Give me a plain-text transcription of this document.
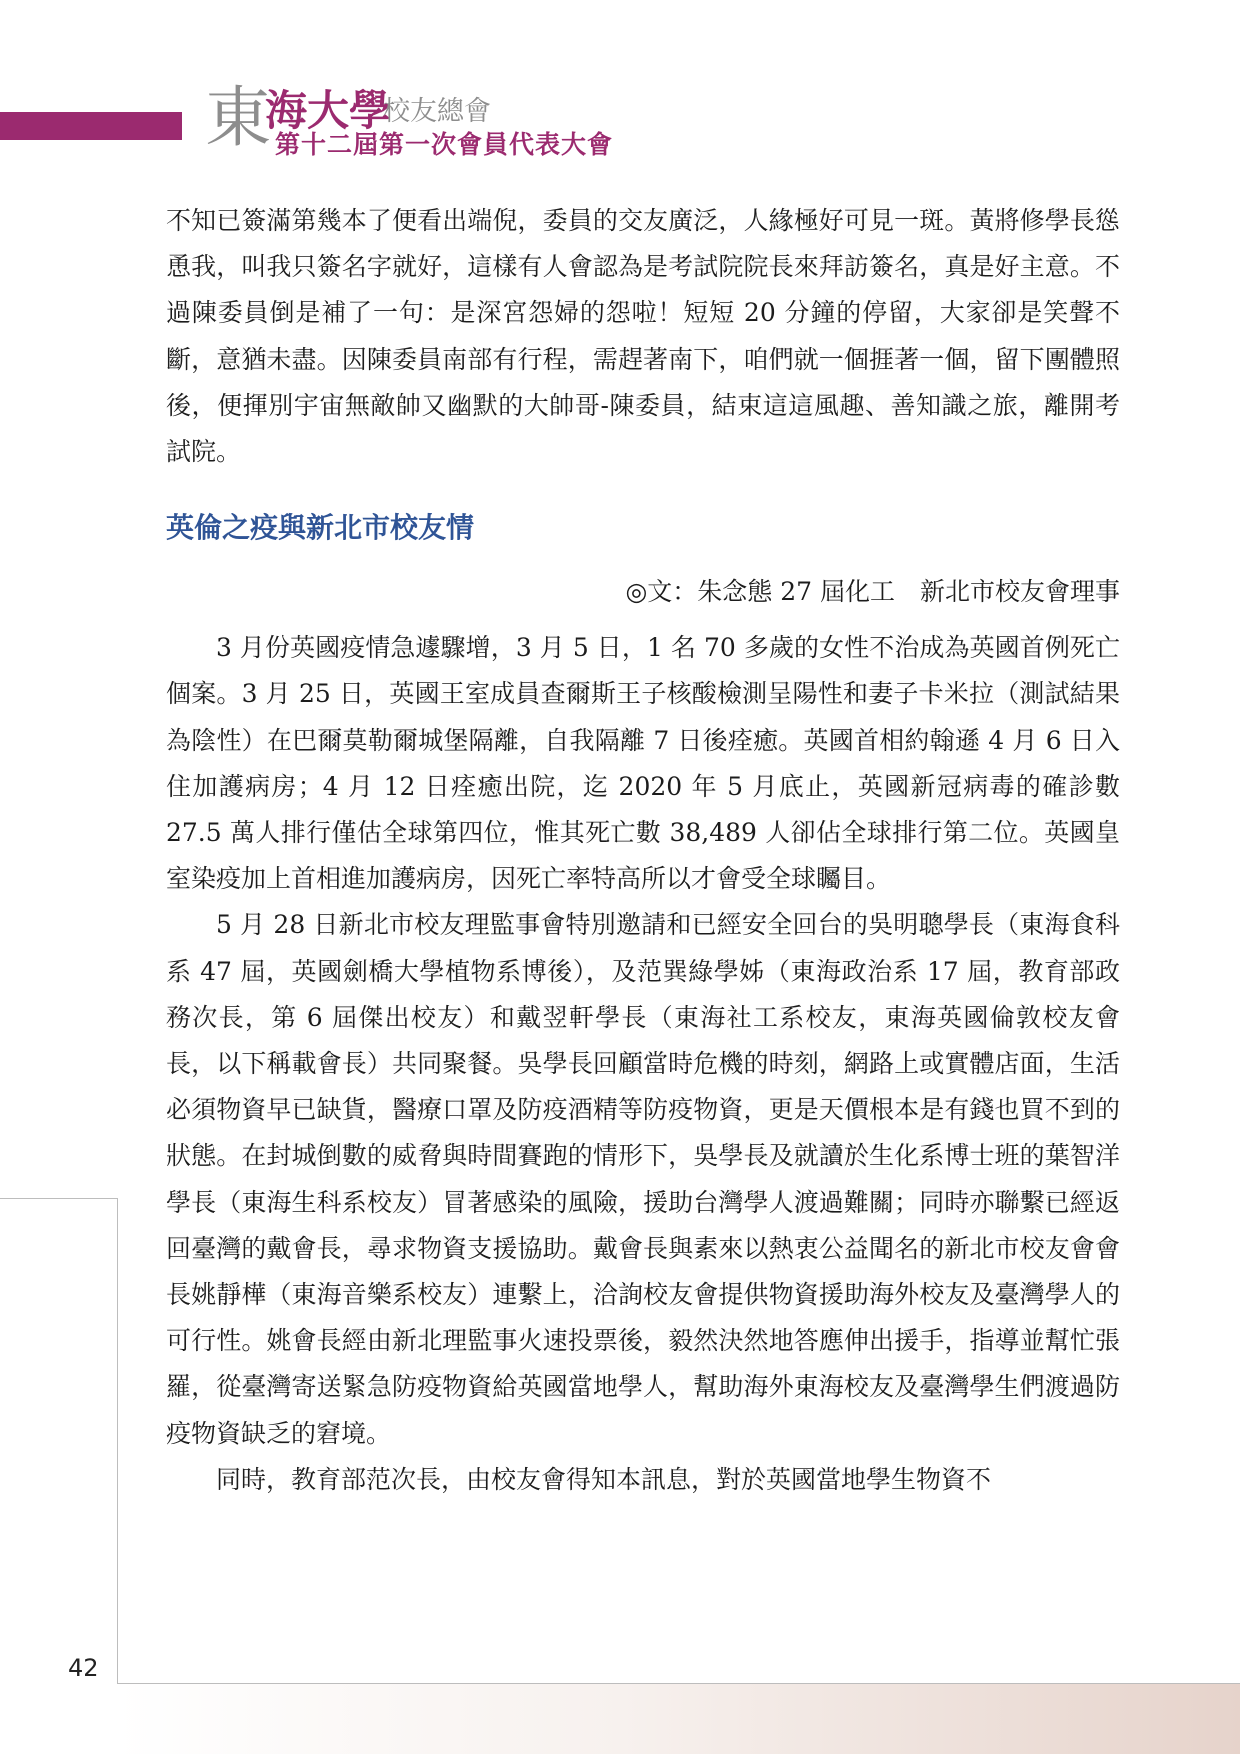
東
海大學
校友總會
第十二屆第一次會員代表大會

不知已簽滿第幾本了便看出端倪，委員的交友廣泛，人緣極好可見一斑。黃將修學長慫恿我，叫我只簽名字就好，這樣有人會認為是考試院院長來拜訪簽名，真是好主意。不過陳委員倒是補了一句：是深宮怨婦的怨啦！短短 20 分鐘的停留，大家卻是笑聲不斷，意猶未盡。因陳委員南部有行程，需趕著南下，咱們就一個捱著一個，留下團體照後，便揮別宇宙無敵帥又幽默的大帥哥-陳委員，結束這這風趣、善知識之旅，離開考試院。

英倫之疫與新北市校友情

◎文：朱念態 27 屆化工　新北市校友會理事

3 月份英國疫情急遽驟增，3 月 5 日，1 名 70 多歲的女性不治成為英國首例死亡個案。3 月 25 日，英國王室成員查爾斯王子核酸檢測呈陽性和妻子卡米拉（測試結果為陰性）在巴爾莫勒爾城堡隔離，自我隔離 7 日後痊癒。英國首相約翰遜 4 月 6 日入住加護病房；4 月 12 日痊癒出院，迄 2020 年 5 月底止，英國新冠病毒的確診數 27.5 萬人排行僅估全球第四位，惟其死亡數 38,489 人卻佔全球排行第二位。英國皇室染疫加上首相進加護病房，因死亡率特高所以才會受全球矚目。

5 月 28 日新北市校友理監事會特別邀請和已經安全回台的吳明聰學長（東海食科系 47 屆，英國劍橋大學植物系博後），及范巽綠學姊（東海政治系 17 屆，教育部政務次長，第 6 屆傑出校友）和戴翌軒學長（東海社工系校友，東海英國倫敦校友會長，以下稱載會長）共同聚餐。吳學長回顧當時危機的時刻，網路上或實體店面，生活必須物資早已缺貨，醫療口罩及防疫酒精等防疫物資，更是天價根本是有錢也買不到的狀態。在封城倒數的威脅與時間賽跑的情形下，吳學長及就讀於生化系博士班的葉智洋學長（東海生科系校友）冒著感染的風險，援助台灣學人渡過難關；同時亦聯繫已經返回臺灣的戴會長，尋求物資支援協助。戴會長與素來以熱衷公益聞名的新北市校友會會長姚靜樺（東海音樂系校友）連繫上，洽詢校友會提供物資援助海外校友及臺灣學人的可行性。姚會長經由新北理監事火速投票後，毅然決然地答應伸出援手，指導並幫忙張羅，從臺灣寄送緊急防疫物資給英國當地學人，幫助海外東海校友及臺灣學生們渡過防疫物資缺乏的窘境。

同時，教育部范次長，由校友會得知本訊息，對於英國當地學生物資不

42
